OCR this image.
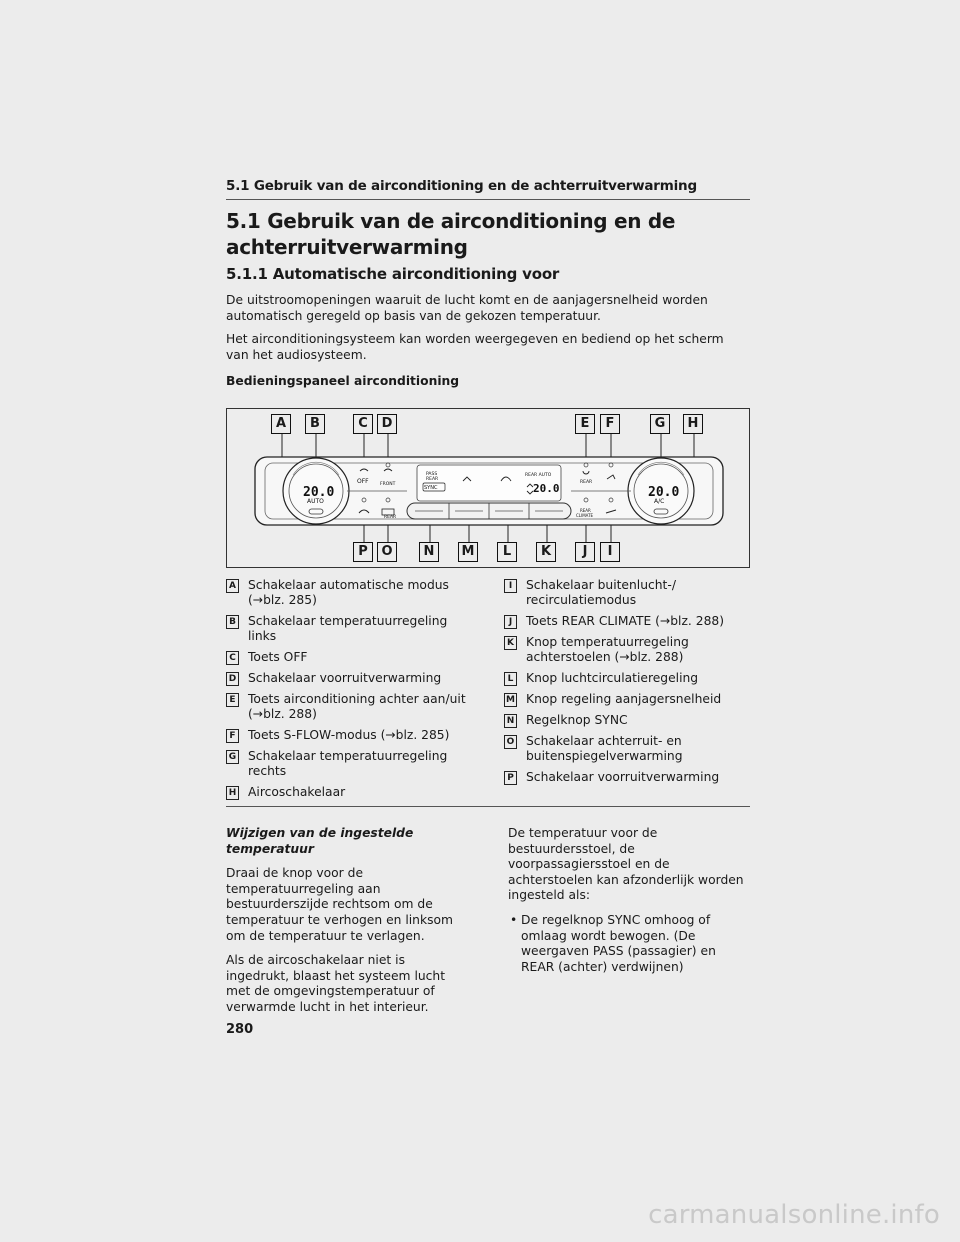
5.1 Gebruik van de airconditioning en de achterruitverwarming
5.1 Gebruik van de airconditioning en de
achterruitverwarming
5.1.1 Automatische airconditioning voor

De uitstroomopeningen waaruit de lucht komt en de aanjagersnelheid worden automatisch geregeld op basis van de gekozen temperatuur.

Het airconditioningsysteem kan worden weergegeven en bediend op het scherm van het audiosysteem.

Bedieningspaneel airconditioning
20.0	20.0
20.0
AUTO	A/C
OFF	FRONT
REAR
PASS
REAR
SYNC
REAR AUTO
REAR
REAR
CLIMATE
A	B	C	D	E	F	G	H
P	O	N	M	L	K	J	I
A Schakelaar automatische modus
(→blz. 285)
B Schakelaar temperatuurregeling
links
C Toets OFF
D Schakelaar voorruitverwarming
E Toets airconditioning achter aan/uit
(→blz. 288)
F Toets S-FLOW-modus (→blz. 285)
G Schakelaar temperatuurregeling
rechts
H Aircoschakelaar
I	Schakelaar buitenlucht-/
recirculatiemodus
J	Toets REAR CLIMATE (→blz. 288)
K Knop temperatuurregeling
achterstoelen (→blz. 288)
L Knop luchtcirculatieregeling
M Knop regeling aanjagersnelheid
N Regelknop SYNC
O Schakelaar achterruit- en
buitenspiegelverwarming
P Schakelaar voorruitverwarming

Wijzigen van de ingestelde temperatuur

Draai de knop voor de temperatuurregeling aan bestuurderszijde rechtsom om de temperatuur te verhogen en linksom om de temperatuur te verlagen.

Als de aircoschakelaar niet is ingedrukt, blaast het systeem lucht met de omgevingstemperatuur of verwarmde lucht in het interieur.

De temperatuur voor de bestuurdersstoel, de voorpassagiersstoel en de achterstoelen kan afzonderlijk worden ingesteld als:

• De regelknop SYNC omhoog of omlaag wordt bewogen. (De weergaven PASS (passagier) en REAR (achter) verdwijnen)

280
carmanualsonline.info
